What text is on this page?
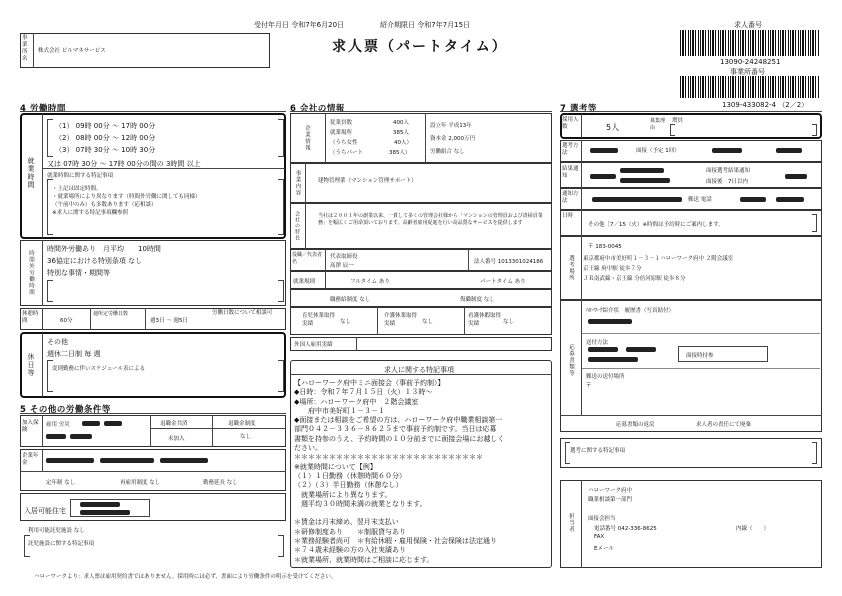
受付年月日 令和7年6月20日	紹介期限日 令和7年7月15日
求人票（パートタイム）
求人番号
13090-24248251
事業所番号
1309-433082-4 （2／2）
事業所名
株式会社 ビルマネサービス
4 労働時間
就業時間
（1） 09時 00分 〜 17時 00分
（2） 08時 00分 〜 12時 00分
（3） 07時 30分 〜 10時 30分
又は 07時 30分 〜 17時 00分の間の 3時間 以上
就業時間に関する特記事項
・上記は固定時間。
・就業場所により異なります（時間外労働に関しても同様）
（午前中のみ）も多数あります（応相談）
※求人に関する特記事項欄参照
時間外労働時間
時間外労働あり　月平均　　10時間
36協定における特別条項 なし
特別な事情・期間等
休憩時間	60分
週所定労働日数
週3日 〜 週5日
労働日数について相談可
休日等
その他
週休二日制 毎 週
変則勤務に伴いスケジュール表による
5 その他の労働条件等
加入保険
雇用 労災	退職金共済
未加入
退職金制度
なし
企業年金
定年制 なし	再雇用制度 なし	勤務延長 なし
入居可能住宅
利用可能託児施設 なし
託児施設に関する特記事項
6 会社の情報
企業情報
従業員数	400人
就業場所	385人
（うち女性	40人）
（うちパート	385人）
設立年 平成13年
資本金 2,000万円
労働組合 なし
事業内容	建物管理業（マンション管理サポート）
会社の特長	当社は２００１年の創業以来、一貫して多くの管理会社様から「マンションの管理員および清掃員業務」を幅広くご用命頂いております。高齢者雇用促進を行い高品質なサービスを提供します
役職／代表者名
代表取締役
髙澤 辰一
法人番号 1013301024186
就業規則	フルタイム あり	パートタイム あり
職務給制度 なし	復職制度 なし
育児休業取得実績	なし
介護休業取得実績	なし
看護休暇取得実績	なし
外国人雇用実績
求人に関する特記事項
【ハローワーク府中ミニ面接会（事前予約制）】
◆日時：令和７年７月１５日（火）１３時〜
◆場所：ハローワーク府中　２階会議室
　　府中市美好町１－３－１
◆面接または相談をご希望の方は、ハローワーク府中職業相談第一
部門０４２－３３６－８６２５まで事前予約制です。当日は応募
書類を持参のうえ、予約時間の１０分前までに面接会場にお越しく
ださい。
＊＊＊＊＊＊＊＊＊＊＊＊＊＊＊＊＊＊＊＊＊＊＊＊＊＊＊
※就業時間について【例】
（１）１日勤務（休憩時間６０分）
（２）（３）半日勤務（休憩なし）
　就業場所により異なります。
　週平均３０時間未満の就業となります。
＊賃金は月末締め、翌月末支払い
＊研修制度あり　　＊制服貸与あり
＊業務経験者尚可　＊有給休暇・雇用保険・社会保険は法定通り
＊７４歳未経験の方の入社実績あり
＊就業場所、就業時間はご相談に応じます。
7 選考等
採用人数	5人
募集理由
増員
選考方法	面接（予定 1回）
結果通知
面接選考結果通知
面接後　7日以内
通知方法	郵送 電話
日時
その他［7／15（火）※時間は予約時にご案内します。
選考場所
〒 183-0045
東京都府中市美好町１－３－１ハローワーク府中 ２階会議室
京王線 府中駅 徒歩７分
ＪＲ南武線・京王線 分倍河原駅 徒歩８分
応募書類等
ﾊﾛｰﾜｰｸ紹介状　履歴書（写真貼付）
送付方法
面接時持参
郵送の送付場所
〒
応募書類の返戻	求人者の責任にて廃棄
選考に関する特記事項
担当者
ハローワーク府中
職業相談第一部門
面接会担当
電話番号 042-336-8625
FAX
Eメール
内線（　　）
ハローワークより：求人票は雇用契約書ではありません。採用時には必ず、書面により労働条件の明示を受けてください。
